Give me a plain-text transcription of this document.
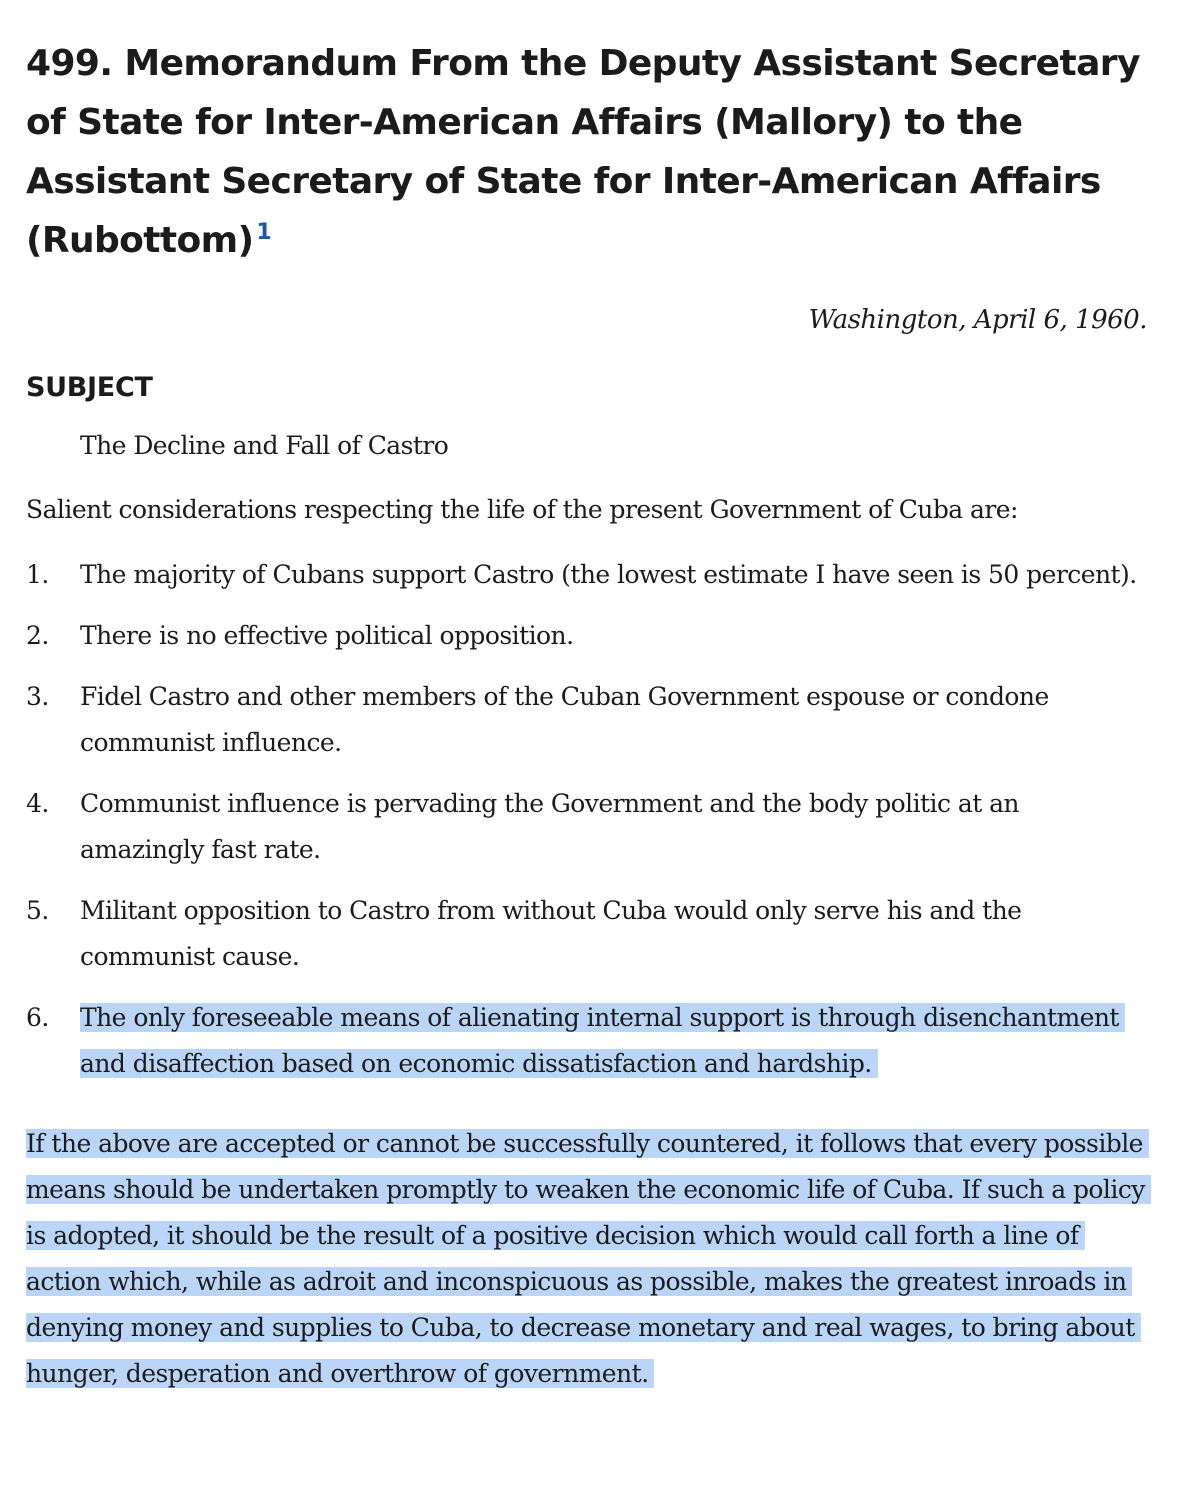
499. Memorandum From the Deputy Assistant Secretary of State for Inter-American Affairs (Mallory) to the Assistant Secretary of State for Inter-American Affairs (Rubottom) $^1$
Washington, April 6, 1960.
SUBJECT
The Decline and Fall of Castro

Salient considerations respecting the life of the present Government of Cuba are:

1.	The majority of Cubans support Castro (the lowest estimate I have seen is 50 percent).
2.	There is no effective political opposition.
3.	Fidel Castro and other members of the Cuban Government espouse or condone communist influence.
4.	Communist influence is pervading the Government and the body politic at an amazingly fast rate.
5.	Militant opposition to Castro from without Cuba would only serve his and the communist cause.
6.	The only foreseeable means of alienating internal support is through disenchantment and disaffection based on economic dissatisfaction and hardship.

If the above are accepted or cannot be successfully countered, it follows that every possible means should be undertaken promptly to weaken the economic life of Cuba. If such a policy is adopted, it should be the result of a positive decision which would call forth a line of action which, while as adroit and inconspicuous as possible, makes the greatest inroads in denying money and supplies to Cuba, to decrease monetary and real wages, to bring about hunger, desperation and overthrow of government.
